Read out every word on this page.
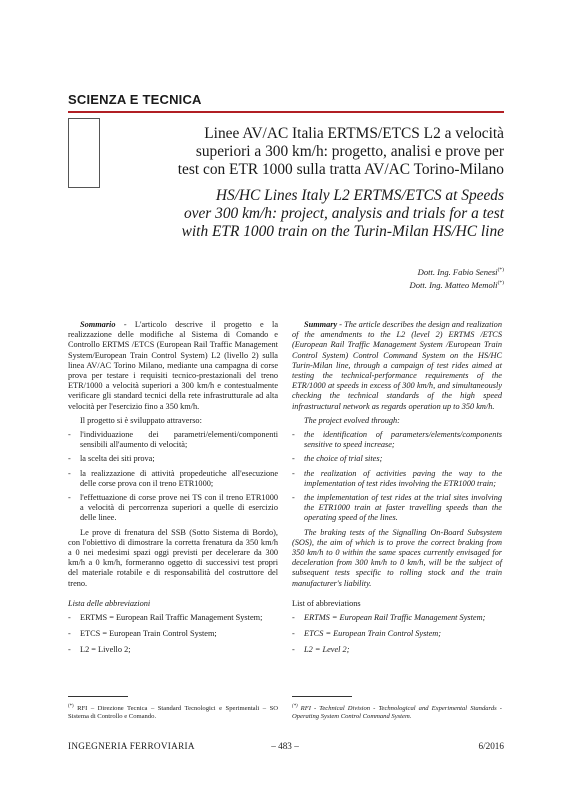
SCIENZA E TECNICA
Linee AV/AC Italia ERTMS/ETCS L2 a velocità
superiori a 300 km/h: progetto, analisi e prove per
test con ETR 1000 sulla tratta AV/AC Torino-Milano
HS/HC Lines Italy L2 ERTMS/ETCS at Speeds
over 300 km/h: project, analysis and trials for a test
with ETR 1000 train on the Turin-Milan HS/HC line
Dott. Ing. Fabio Senesi(*)
Dott. Ing. Matteo Memoli(*)

Sommario - L'articolo descrive il progetto e la realizzazione delle modifiche al Sistema di Comando e Controllo ERTMS /ETCS (European Rail Traffic Management System/European Train Control System) L2 (livello 2) sulla linea AV/AC Torino Milano, mediante una campagna di corse prova per testare i requisiti tecnico-prestazionali del treno ETR/1000 a velocità superiori a 300 km/h e contestualmente verificare gli standard tecnici della rete infrastrutturale ad alta velocità per l'esercizio fino a 350 km/h.

Il progetto si è sviluppato attraverso:

- l'individuazione dei parametri/elementi/componenti sensibili all'aumento di velocità;
- la scelta dei siti prova;
- la realizzazione di attività propedeutiche all'esecuzione delle corse prova con il treno ETR1000;
- l'effettuazione di corse prove nei TS con il treno ETR1000 a velocità di percorrenza superiori a quelle di esercizio delle linee.

Le prove di frenatura del SSB (Sotto Sistema di Bordo), con l'obiettivo di dimostrare la corretta frenatura da 350 km/h a 0 nei medesimi spazi oggi previsti per decelerare da 300 km/h a 0 km/h, formeranno oggetto di successivi test propri del materiale rotabile e di responsabilità del costruttore del treno.

Lista delle abbreviazioni

- ERTMS = European Rail Traffic Management System;
- ETCS = European Train Control System;
- L2 = Livello 2;

Summary - The article describes the design and realization of the amendments to the L2 (level 2) ERTMS /ETCS (European Rail Traffic Management System /European Train Control System) Control Command System on the HS/HC Turin-Milan line, through a campaign of test rides aimed at testing the technical-performance requirements of the ETR/1000 at speeds in excess of 300 km/h, and simultaneously checking the technical standards of the high speed infrastructural network as regards operation up to 350 km/h.

The project evolved through:

- the identification of parameters/elements/components sensitive to speed increase;
- the choice of trial sites;
- the realization of activities paving the way to the implementation of test rides involving the ETR1000 train;
- the implementation of test rides at the trial sites involving the ETR1000 train at faster travelling speeds than the operating speed of the lines.

The braking tests of the Signalling On-Board Subsystem (SOS), the aim of which is to prove the correct braking from 350 km/h to 0 within the same spaces currently envisaged for deceleration from 300 km/h to 0 km/h, will be the subject of subsequent tests specific to rolling stock and the train manufacturer's liability.

List of abbreviations

- ERTMS = European Rail Traffic Management System;
- ETCS = European Train Control System;
- L2 = Level 2;
(*) RFI – Direzione Tecnica – Standard Tecnologici e Sperimentali – SO Sistema di Controllo e Comando.
(*) RFI - Technical Division - Technological and Experimental Standards - Operating System Control Command System.
INGEGNERIA FERROVIARIA	– 483 –	6/2016
